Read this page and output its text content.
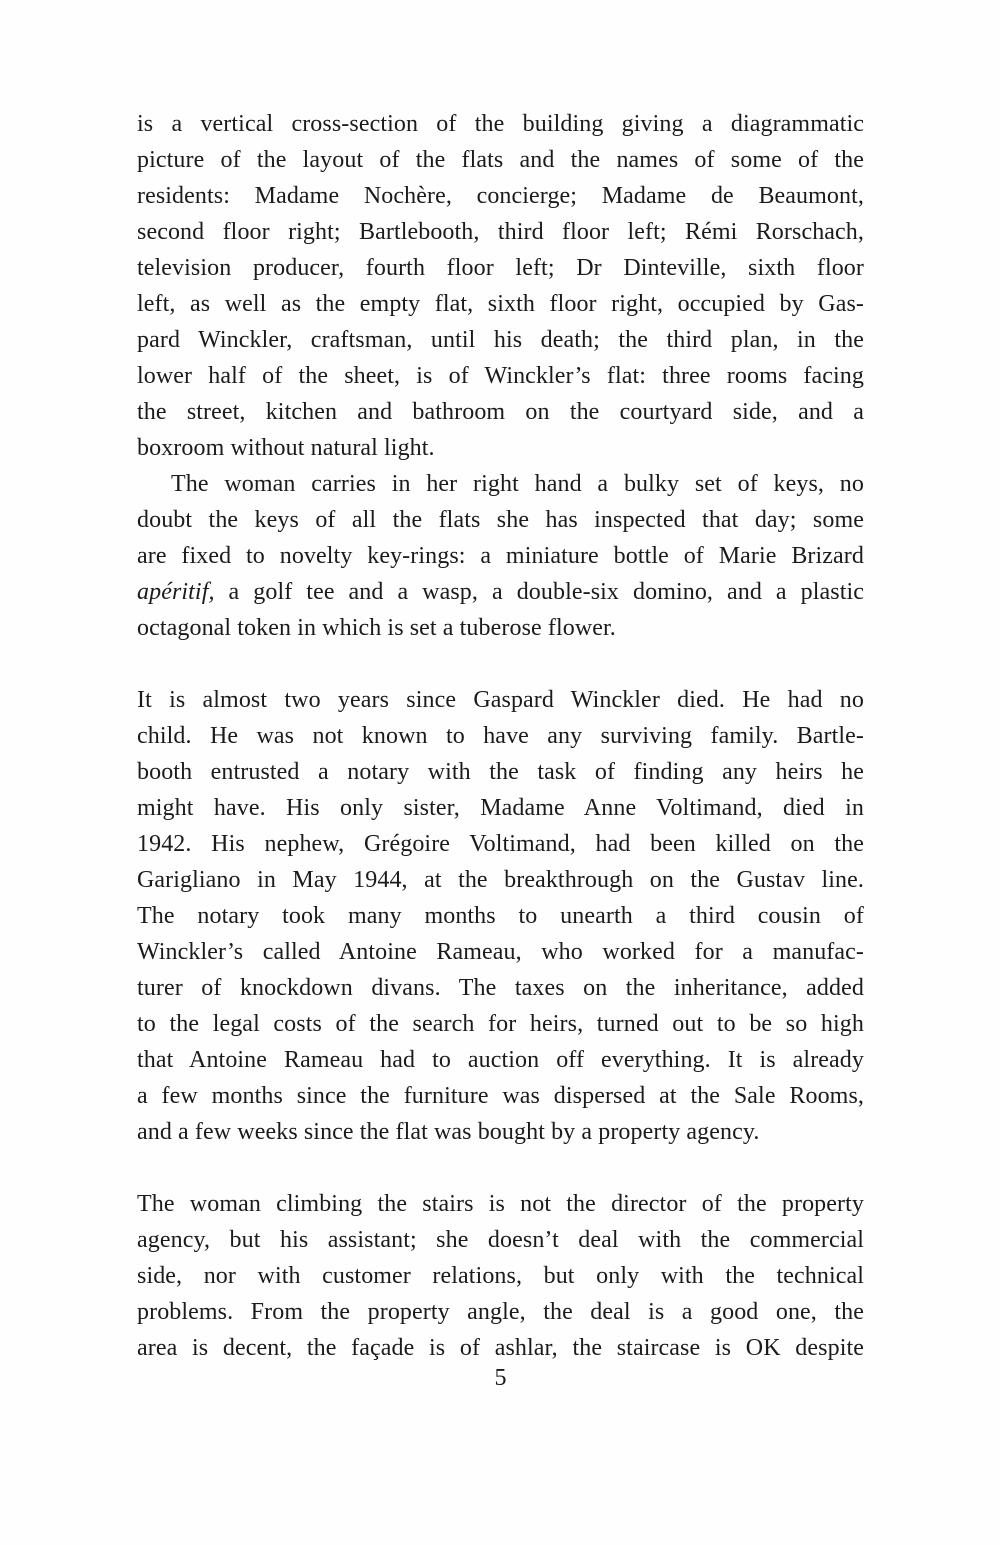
is a vertical cross-section of the building giving a diagrammatic
picture of the layout of the flats and the names of some of the
residents: Madame Nochère, concierge; Madame de Beaumont,
second floor right; Bartlebooth, third floor left; Rémi Rorschach,
television producer, fourth floor left; Dr Dinteville, sixth floor
left, as well as the empty flat, sixth floor right, occupied by Gas-
pard Winckler, craftsman, until his death; the third plan, in the
lower half of the sheet, is of Winckler’s flat: three rooms facing
the street, kitchen and bathroom on the courtyard side, and a
boxroom without natural light.
The woman carries in her right hand a bulky set of keys, no
doubt the keys of all the flats she has inspected that day; some
are fixed to novelty key-rings: a miniature bottle of Marie Brizard
apéritif, a golf tee and a wasp, a double-six domino, and a plastic
octagonal token in which is set a tuberose flower.
It is almost two years since Gaspard Winckler died. He had no
child. He was not known to have any surviving family. Bartle-
booth entrusted a notary with the task of finding any heirs he
might have. His only sister, Madame Anne Voltimand, died in
1942. His nephew, Grégoire Voltimand, had been killed on the
Garigliano in May 1944, at the breakthrough on the Gustav line.
The notary took many months to unearth a third cousin of
Winckler’s called Antoine Rameau, who worked for a manufac-
turer of knockdown divans. The taxes on the inheritance, added
to the legal costs of the search for heirs, turned out to be so high
that Antoine Rameau had to auction off everything. It is already
a few months since the furniture was dispersed at the Sale Rooms,
and a few weeks since the flat was bought by a property agency.
The woman climbing the stairs is not the director of the property
agency, but his assistant; she doesn’t deal with the commercial
side, nor with customer relations, but only with the technical
problems. From the property angle, the deal is a good one, the
area is decent, the façade is of ashlar, the staircase is OK despite
5
